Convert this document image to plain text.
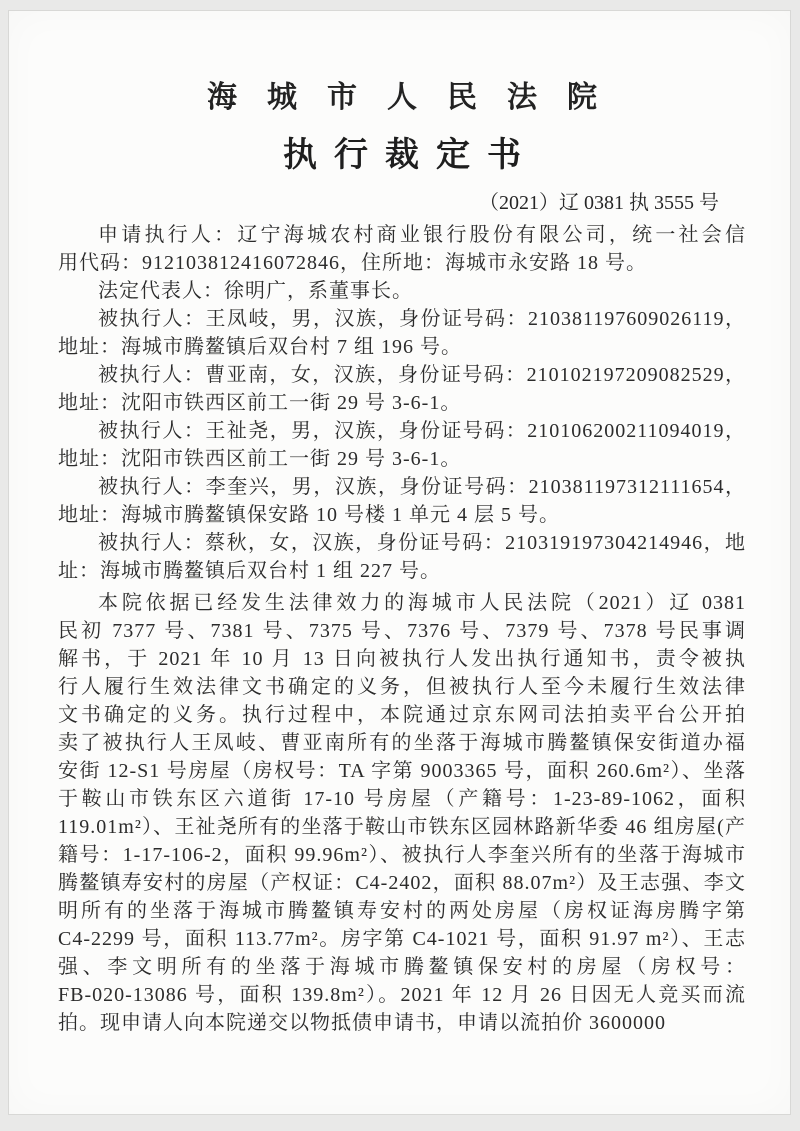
海城市人民法院
执行裁定书
（2021）辽 0381 执 3555 号
申请执行人：辽宁海城农村商业银行股份有限公司，统一社会信
用代码：912103812416072846，住所地：海城市永安路 18 号。
法定代表人：徐明广，系董事长。
被执行人：王凤岐，男，汉族，身份证号码：210381197609026119，
地址：海城市腾鳌镇后双台村 7 组 196 号。
被执行人：曹亚南，女，汉族，身份证号码：210102197209082529，
地址：沈阳市铁西区前工一街 29 号 3-6-1。
被执行人：王祉尧，男，汉族，身份证号码：210106200211094019，
地址：沈阳市铁西区前工一街 29 号 3-6-1。
被执行人：李奎兴，男，汉族，身份证号码：210381197312111654，
地址：海城市腾鳌镇保安路 10 号楼 1 单元 4 层 5 号。
被执行人：蔡秋，女，汉族，身份证号码：210319197304214946，地
址：海城市腾鳌镇后双台村 1 组 227 号。
本院依据已经发生法律效力的海城市人民法院（2021）辽 0381
民初 7377 号、7381 号、7375 号、7376 号、7379 号、7378 号民事调
解书，于 2021 年 10 月 13 日向被执行人发出执行通知书，责令被执
行人履行生效法律文书确定的义务，但被执行人至今未履行生效法律
文书确定的义务。执行过程中，本院通过京东网司法拍卖平台公开拍
卖了被执行人王凤岐、曹亚南所有的坐落于海城市腾鳌镇保安街道办福
安街 12-S1 号房屋（房权号：TA 字第 9003365 号，面积 260.6m²）、坐落
于鞍山市铁东区六道街 17-10 号房屋（产籍号：1-23-89-1062，面积
119.01m²）、王祉尧所有的坐落于鞍山市铁东区园林路新华委 46 组房屋(产
籍号：1-17-106-2，面积 99.96m²）、被执行人李奎兴所有的坐落于海城市
腾鳌镇寿安村的房屋（产权证：C4-2402，面积 88.07m²）及王志强、李文
明所有的坐落于海城市腾鳌镇寿安村的两处房屋（房权证海房腾字第
C4-2299 号，面积 113.77m²。房字第 C4-1021 号，面积 91.97 m²）、王志
强、李文明所有的坐落于海城市腾鳌镇保安村的房屋（房权号：
FB-020-13086 号，面积 139.8m²）。2021 年 12 月 26 日因无人竞买而流
拍。现申请人向本院递交以物抵债申请书，申请以流拍价 3600000
